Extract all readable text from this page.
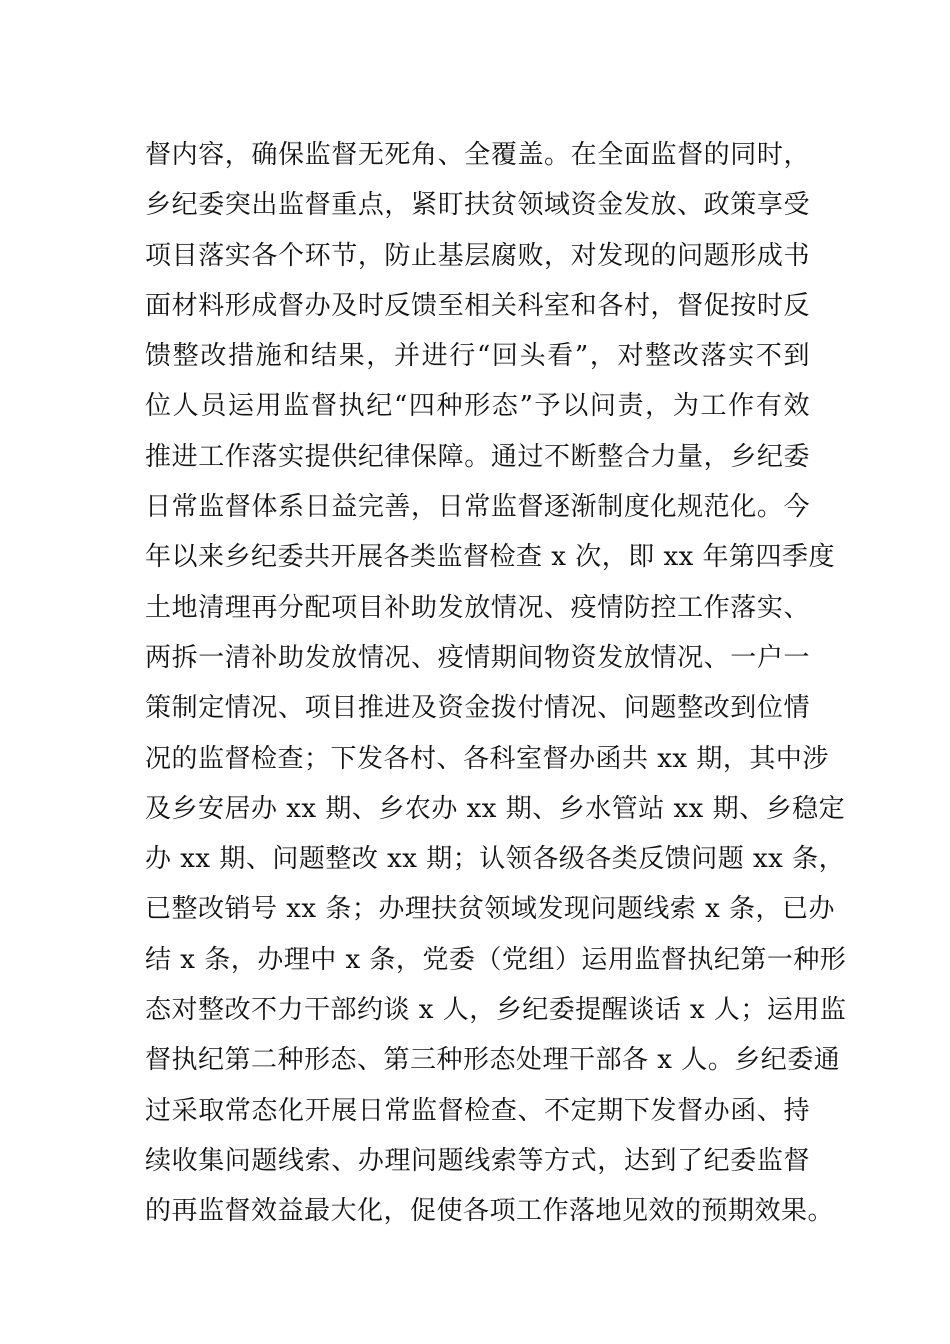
督内容，确保监督无死角、全覆盖。在全面监督的同时，
乡纪委突出监督重点，紧盯扶贫领域资金发放、政策享受
项目落实各个环节，防止基层腐败，对发现的问题形成书
面材料形成督办及时反馈至相关科室和各村，督促按时反
馈整改措施和结果，并进行“回头看”，对整改落实不到
位人员运用监督执纪“四种形态”予以问责，为工作有效
推进工作落实提供纪律保障。通过不断整合力量，乡纪委
日常监督体系日益完善，日常监督逐渐制度化规范化。今
年以来乡纪委共开展各类监督检查 x 次，即 xx 年第四季度
土地清理再分配项目补助发放情况、疫情防控工作落实、
两拆一清补助发放情况、疫情期间物资发放情况、一户一
策制定情况、项目推进及资金拨付情况、问题整改到位情
况的监督检查；下发各村、各科室督办函共 xx 期，其中涉
及乡安居办 xx 期、乡农办 xx 期、乡水管站 xx 期、乡稳定
办 xx 期、问题整改 xx 期；认领各级各类反馈问题 xx 条，
已整改销号 xx 条；办理扶贫领域发现问题线索 x 条，已办
结 x 条，办理中 x 条，党委（党组）运用监督执纪第一种形
态对整改不力干部约谈 x 人，乡纪委提醒谈话 x 人；运用监
督执纪第二种形态、第三种形态处理干部各 x 人。乡纪委通
过采取常态化开展日常监督检查、不定期下发督办函、持
续收集问题线索、办理问题线索等方式，达到了纪委监督
的再监督效益最大化，促使各项工作落地见效的预期效果。
